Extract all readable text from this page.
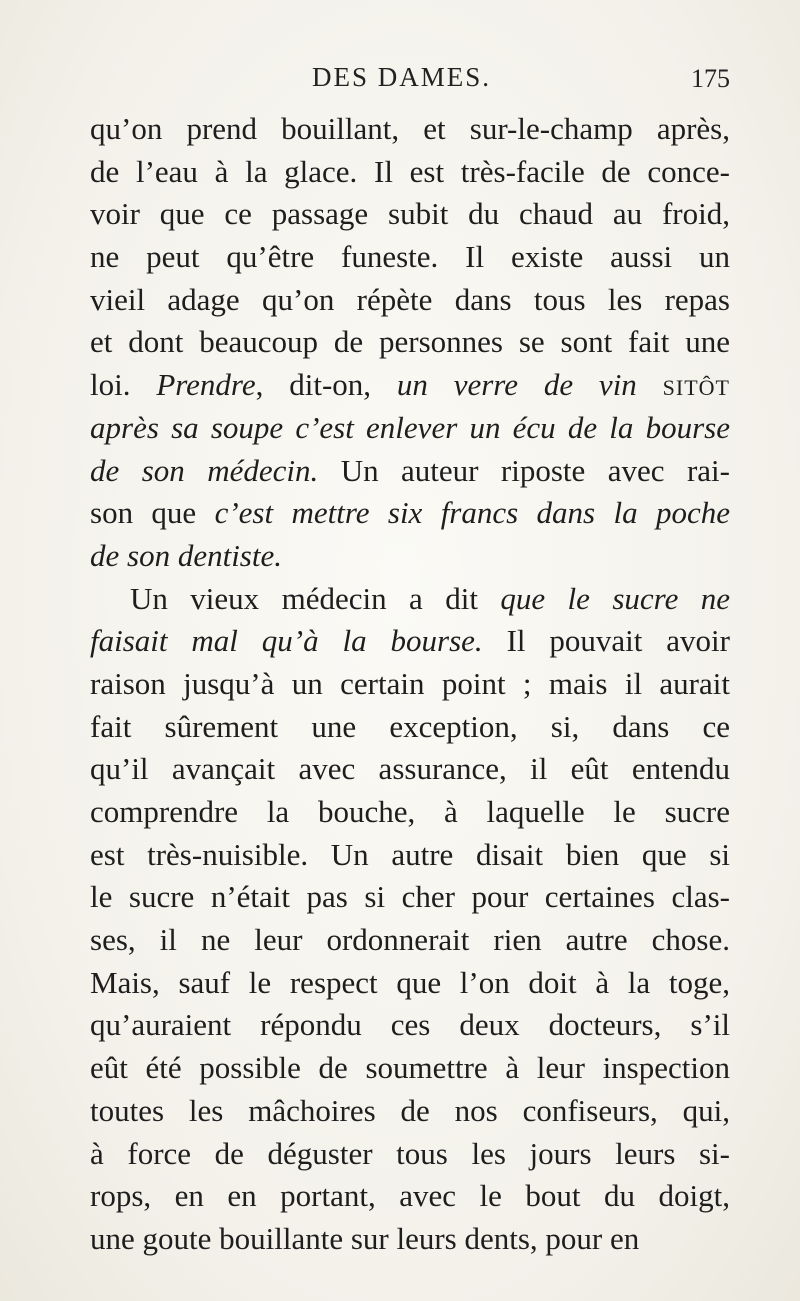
DES DAMES.	175
qu’on prend bouillant, et sur-le-champ après,
de l’eau à la glace. Il est très-facile de conce-
voir que ce passage subit du chaud au froid,
ne peut qu’être funeste. Il existe aussi un
vieil adage qu’on répète dans tous les repas
et dont beaucoup de personnes se sont fait une
loi. Prendre, dit-on, un verre de vin sitôt
après sa soupe c’est enlever un écu de la bourse
de son médecin. Un auteur riposte avec rai-
son que c’est mettre six francs dans la poche
de son dentiste.
Un vieux médecin a dit que le sucre ne
faisait mal qu’à la bourse. Il pouvait avoir
raison jusqu’à un certain point ; mais il aurait
fait sûrement une exception, si, dans ce
qu’il avançait avec assurance, il eût entendu
comprendre la bouche, à laquelle le sucre
est très-nuisible. Un autre disait bien que si
le sucre n’était pas si cher pour certaines clas-
ses, il ne leur ordonnerait rien autre chose.
Mais, sauf le respect que l’on doit à la toge,
qu’auraient répondu ces deux docteurs, s’il
eût été possible de soumettre à leur inspection
toutes les mâchoires de nos confiseurs, qui,
à force de déguster tous les jours leurs si-
rops, en en portant, avec le bout du doigt,
une goute bouillante sur leurs dents, pour en
